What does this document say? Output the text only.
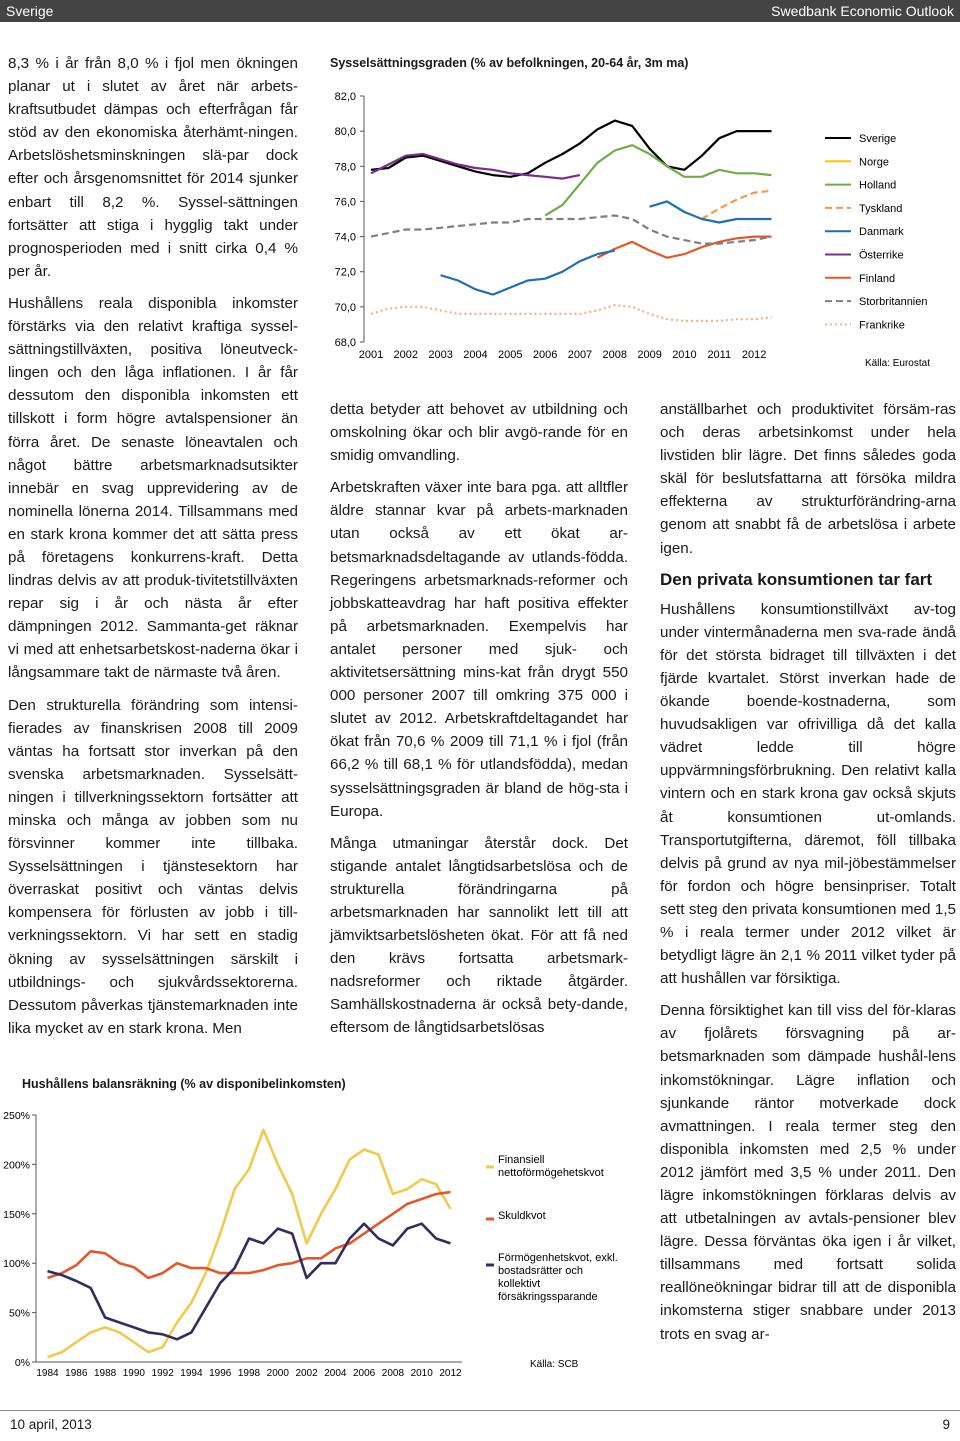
Sverige	Swedbank Economic Outlook

8,3 % i år från 8,0 % i fjol men ökningen planar ut i slutet av året när arbets-kraftsutbudet dämpas och efterfrågan får stöd av den ekonomiska återhämt-ningen. Arbetslöshetsminskningen slä-par dock efter och årsgenomsnittet för 2014 sjunker enbart till 8,2 %. Syssel-sättningen fortsätter att stiga i hygglig takt under prognosperioden med i snitt cirka 0,4 % per år.

Hushållens reala disponibla inkomster förstärks via den relativt kraftiga syssel-sättningstillväxten, positiva löneutveck-lingen och den låga inflationen. I år får dessutom den disponibla inkomsten ett tillskott i form högre avtalspensioner än förra året. De senaste löneavtalen och något bättre arbetsmarknadsutsikter innebär en svag upprevidering av de nominella lönerna 2014. Tillsammans med en stark krona kommer det att sätta press på företagens konkurrens-kraft. Detta lindras delvis av att produk-tivitetstillväxten repar sig i år och nästa år efter dämpningen 2012. Sammanta-get räknar vi med att enhetsarbetskost-naderna ökar i långsammare takt de närmaste två åren.

Den strukturella förändring som intensi-fierades av finanskrisen 2008 till 2009 väntas ha fortsatt stor inverkan på den svenska arbetsmarknaden. Sysselsätt-ningen i tillverkningssektorn fortsätter att minska och många av jobben som nu försvinner kommer inte tillbaka. Sysselsättningen i tjänstesektorn har överraskat positivt och väntas delvis kompensera för förlusten av jobb i till-verkningssektorn. Vi har sett en stadig ökning av sysselsättningen särskilt i utbildnings- och sjukvårdssektorerna. Dessutom påverkas tjänstemarknaden inte lika mycket av en stark krona. Men

Sysselsättningsgraden (% av befolkningen, 20-64 år, 3m ma)
82,0
80,0
78,0
76,0
74,0
72,0
70,0
68,0
2001 2002 2003 2004 2005 2006 2007 2008 2009 2010 2011 2012
Sverige
Norge
Holland
Tyskland
Danmark
Österrike
Finland
Storbritannien
Frankrike
Källa: Eurostat

detta betyder att behovet av utbildning och omskolning ökar och blir avgö-rande för en smidig omvandling.

Arbetskraften växer inte bara pga. att alltfler äldre stannar kvar på arbets-marknaden utan också av ett ökat ar-betsmarknadsdeltagande av utlands-födda. Regeringens arbetsmarknads-reformer och jobbskatteavdrag har haft positiva effekter på arbetsmarknaden. Exempelvis har antalet personer med sjuk- och aktivitetsersättning mins-kat från drygt 550 000 personer 2007 till omkring 375 000 i slutet av 2012. Arbetskraftdeltagandet har ökat från 70,6 % 2009 till 71,1 % i fjol (från 66,2 % till 68,1 % för utlandsfödda), medan sysselsättningsgraden är bland de hög-sta i Europa.

Många utmaningar återstår dock. Det stigande antalet långtidsarbetslösa och de strukturella förändringarna på arbetsmarknaden har sannolikt lett till att jämviktsarbetslösheten ökat. För att få ned den krävs fortsatta arbetsmark-nadsreformer och riktade åtgärder. Samhällskostnaderna är också bety-dande, eftersom de långtidsarbetslösas

anställbarhet och produktivitet försäm-ras och deras arbetsinkomst under hela livstiden blir lägre. Det finns således goda skäl för beslutsfattarna att försöka mildra effekterna av strukturförändring-arna genom att snabbt få de arbetslösa i arbete igen.

Den privata konsumtionen tar fart

Hushållens konsumtionstillväxt av-tog under vintermånaderna men sva-rade ändå för det största bidraget till tillväxten i det fjärde kvartalet. Störst inverkan hade de ökande boende-kostnaderna, som huvudsakligen var ofrivilliga då det kalla vädret ledde till högre uppvärmningsförbrukning. Den relativt kalla vintern och en stark krona gav också skjuts åt konsumtionen ut-omlands. Transportutgifterna, däremot, föll tillbaka delvis på grund av nya mil-jöbestämmelser för fordon och högre bensinpriser. Totalt sett steg den privata konsumtionen med 1,5 % i reala termer under 2012 vilket är betydligt lägre än 2,1 % 2011 vilket tyder på att hushållen var försiktiga.

Denna försiktighet kan till viss del för-klaras av fjolårets försvagning på ar-betsmarknaden som dämpade hushål-lens inkomstökningar. Lägre inflation och sjunkande räntor motverkade dock avmattningen. I reala termer steg den disponibla inkomsten med 2,5 % under 2012 jämfört med 3,5 % under 2011. Den lägre inkomstökningen förklaras delvis av att utbetalningen av avtals-pensioner blev lägre. Dessa förväntas öka igen i år vilket, tillsammans med fortsatt solida reallöneökningar bidrar till att de disponibla inkomsterna stiger snabbare under 2013 trots en svag ar-

Hushållens balansräkning (% av disponibelinkomsten)
250%
200%
150%
100%
50%
0%
1984 1986 1988 1990 1992 1994 1996 1998 2000 2002 2004 2006 2008 2010 2012
Finansiell
nettoförmögehetskvot
Skuldkvot
Förmögenhetskvot, exkl.
bostadsrätter och
kollektivt
försäkringssparande
Källa: SCB
10 april, 2013	9
